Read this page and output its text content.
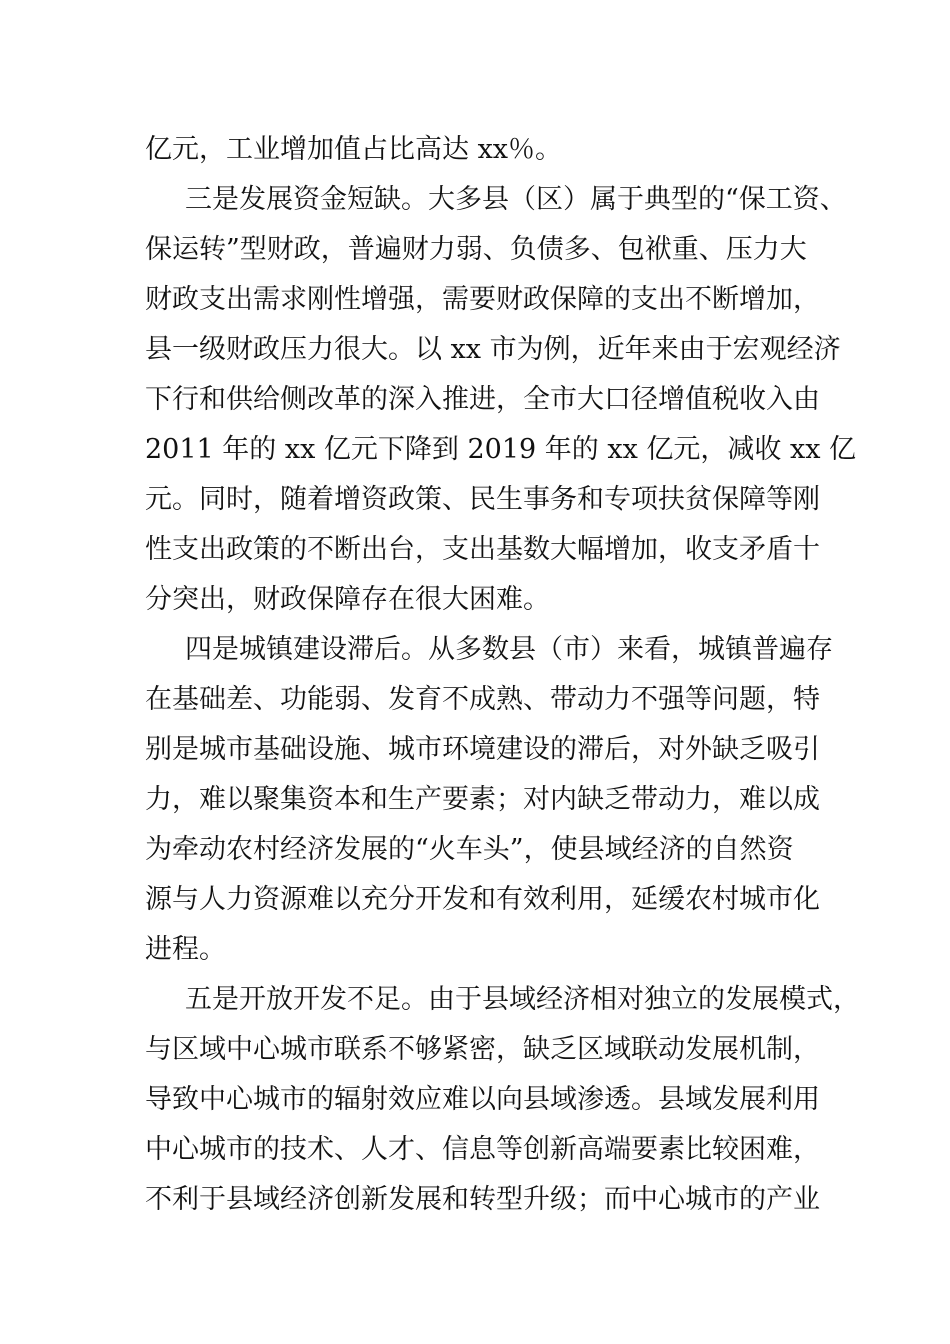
亿元，工业增加值占比高达 xx％。
三是发展资金短缺。大多县（区）属于典型的“保工资、
保运转”型财政，普遍财力弱、负债多、包袱重、压力大
财政支出需求刚性增强，需要财政保障的支出不断增加，
县一级财政压力很大。以 xx 市为例，近年来由于宏观经济
下行和供给侧改革的深入推进，全市大口径增值税收入由
2011 年的 xx 亿元下降到 2019 年的 xx 亿元，减收 xx 亿
元。同时，随着增资政策、民生事务和专项扶贫保障等刚
性支出政策的不断出台，支出基数大幅增加，收支矛盾十
分突出，财政保障存在很大困难。
四是城镇建设滞后。从多数县（市）来看，城镇普遍存
在基础差、功能弱、发育不成熟、带动力不强等问题，特
别是城市基础设施、城市环境建设的滞后，对外缺乏吸引
力，难以聚集资本和生产要素；对内缺乏带动力，难以成
为牵动农村经济发展的“火车头”，使县域经济的自然资
源与人力资源难以充分开发和有效利用，延缓农村城市化
进程。
五是开放开发不足。由于县域经济相对独立的发展模式，
与区域中心城市联系不够紧密，缺乏区域联动发展机制，
导致中心城市的辐射效应难以向县域渗透。县域发展利用
中心城市的技术、人才、信息等创新高端要素比较困难，
不利于县域经济创新发展和转型升级；而中心城市的产业
